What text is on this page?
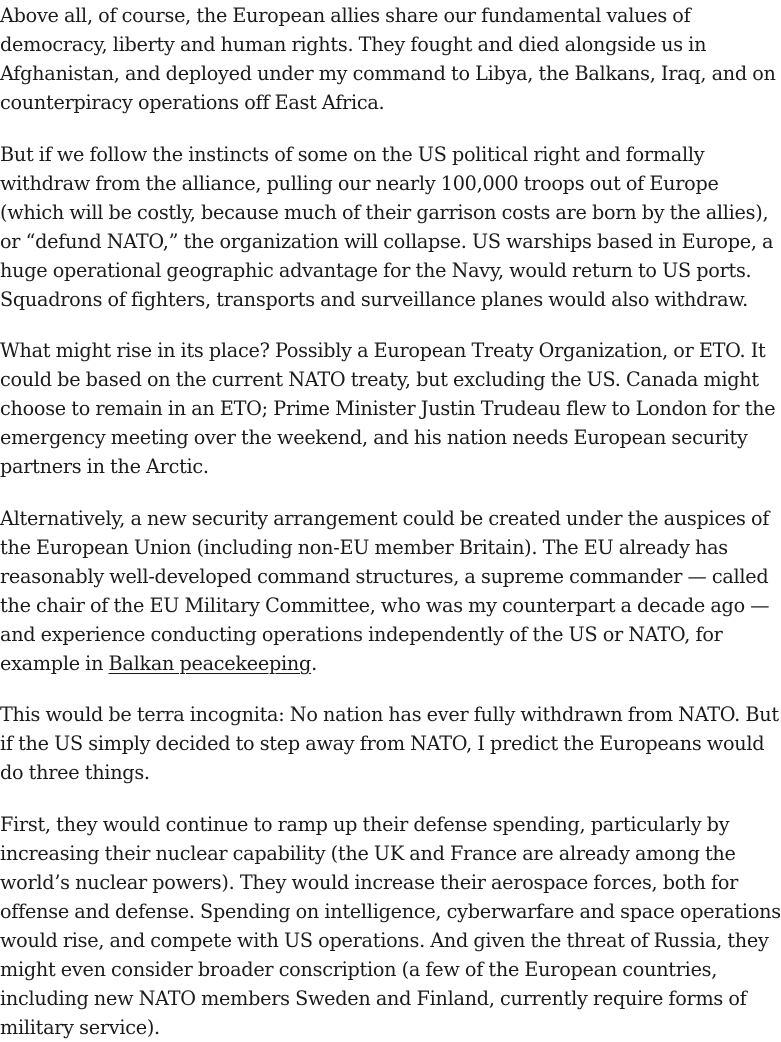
Above all, of course, the European allies share our fundamental values of democracy, liberty and human rights. They fought and died alongside us in Afghanistan, and deployed under my command to Libya, the Balkans, Iraq, and on counterpiracy operations off East Africa.

But if we follow the instincts of some on the US political right and formally withdraw from the alliance, pulling our nearly 100,000 troops out of Europe (which will be costly, because much of their garrison costs are born by the allies), or “defund NATO,” the organization will collapse. US warships based in Europe, a huge operational geographic advantage for the Navy, would return to US ports. Squadrons of fighters, transports and surveillance planes would also withdraw.

What might rise in its place? Possibly a European Treaty Organization, or ETO. It could be based on the current NATO treaty, but excluding the US. Canada might choose to remain in an ETO; Prime Minister Justin Trudeau flew to London for the emergency meeting over the weekend, and his nation needs European security partners in the Arctic.

Alternatively, a new security arrangement could be created under the auspices of the European Union (including non-EU member Britain). The EU already has reasonably well-developed command structures, a supreme commander — called the chair of the EU Military Committee, who was my counterpart a decade ago — and experience conducting operations independently of the US or NATO, for example in Balkan peacekeeping.

This would be terra incognita: No nation has ever fully withdrawn from NATO. But if the US simply decided to step away from NATO, I predict the Europeans would do three things.

First, they would continue to ramp up their defense spending, particularly by increasing their nuclear capability (the UK and France are already among the world’s nuclear powers). They would increase their aerospace forces, both for offense and defense. Spending on intelligence, cyberwarfare and space operations would rise, and compete with US operations. And given the threat of Russia, they might even consider broader conscription (a few of the European countries, including new NATO members Sweden and Finland, currently require forms of military service).
